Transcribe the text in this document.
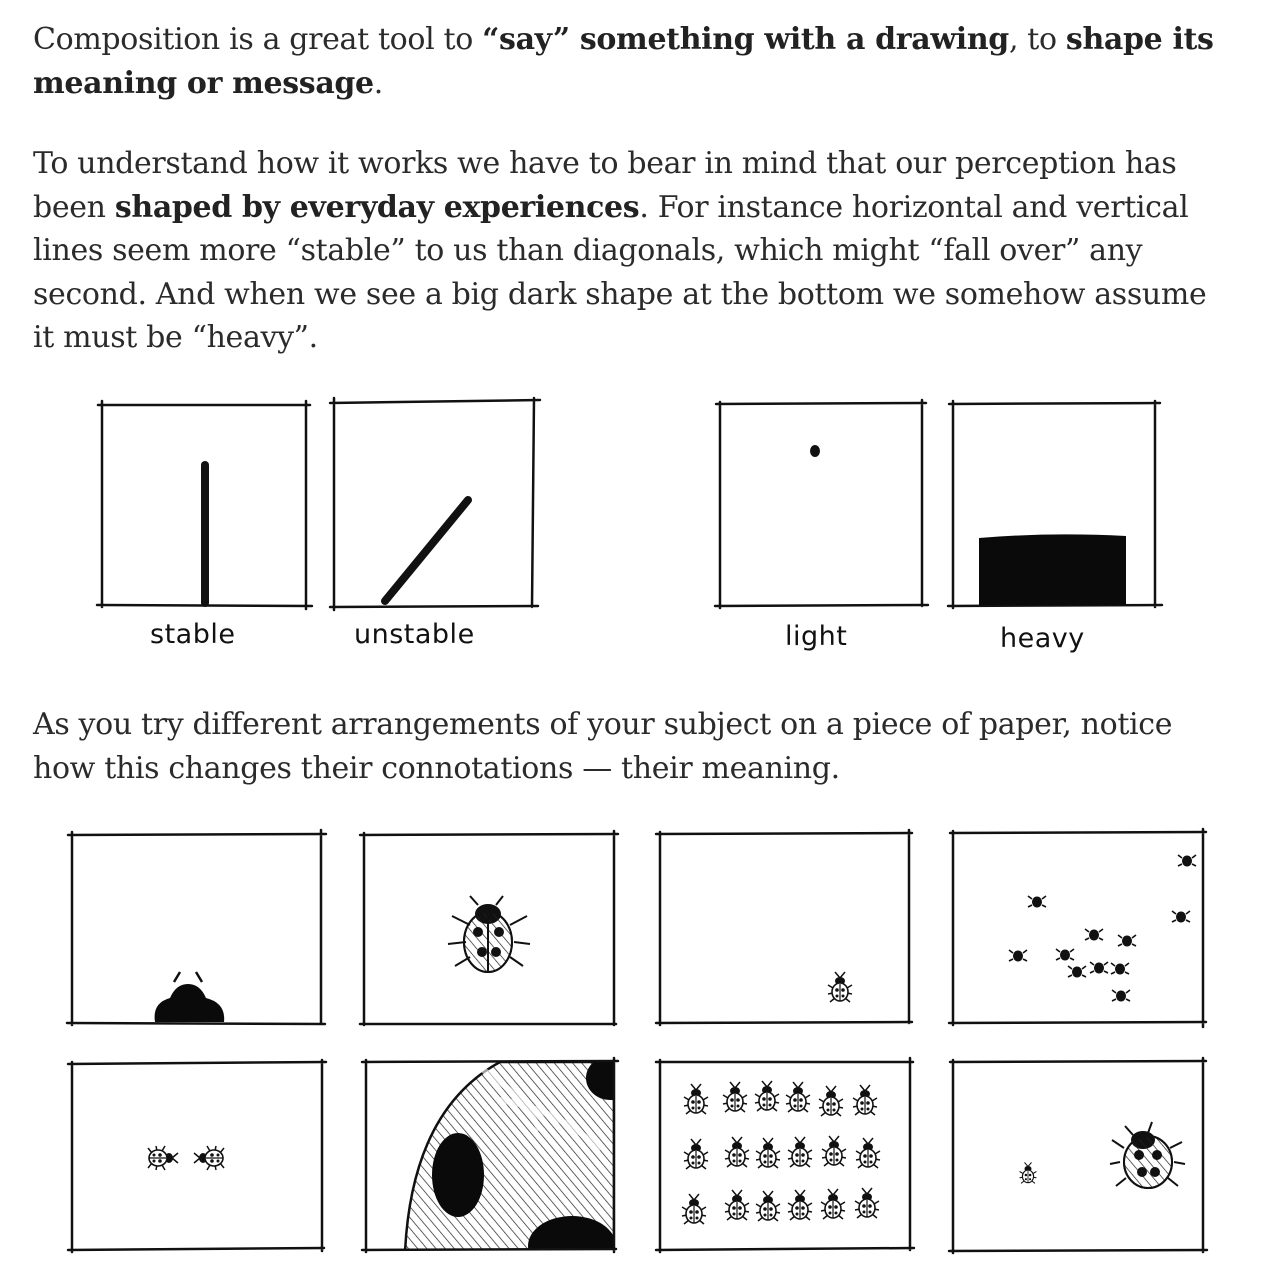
Composition is a great tool to “say” something with a drawing, to shape its meaning or message.

To understand how it works we have to bear in mind that our perception has been shaped by everyday experiences. For instance horizontal and vertical lines seem more “stable” to us than diagonals, which might “fall over” any second. And when we see a big dark shape at the bottom we somehow assume it must be “heavy”.

stable	unstable	light	heavy

As you try different arrangements of your subject on a piece of paper, notice how this changes their connotations — their meaning.
